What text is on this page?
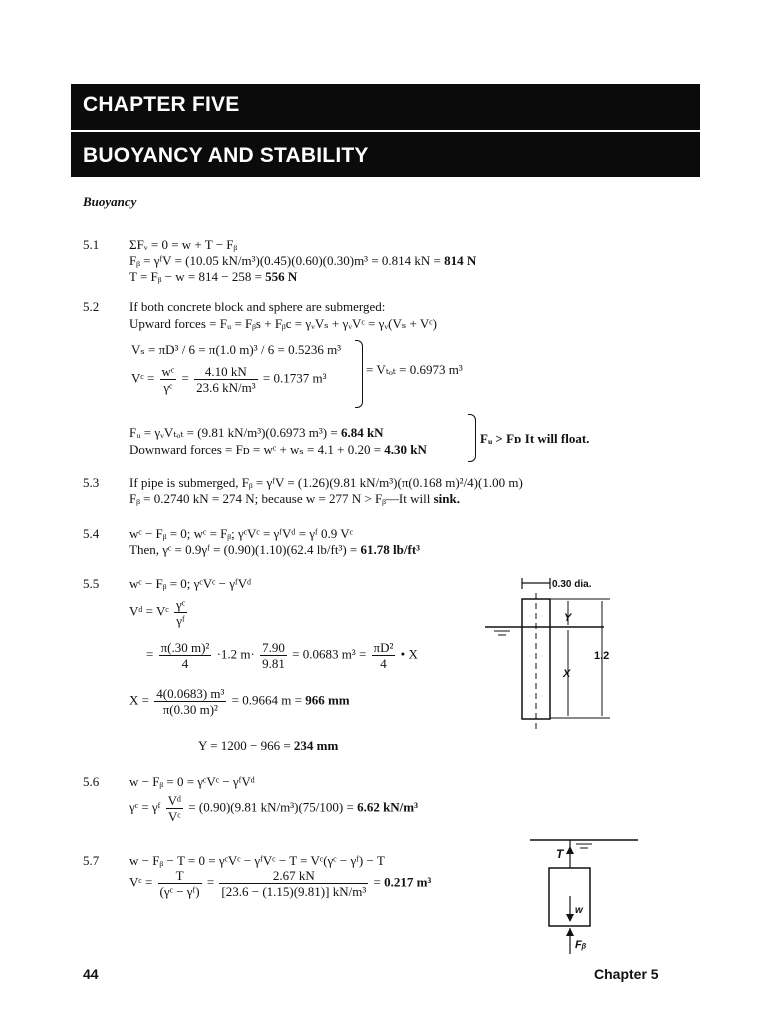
CHAPTER FIVE
BUOYANCY AND STABILITY
Buoyancy
5.1 ΣFᵥ = 0 = w + T − Fᵦ
Fᵦ = γᶠV = (10.05 kN/m³)(0.45)(0.60)(0.30)m³ = 0.814 kN = 814 N
T = Fᵦ − w = 814 − 258 = 556 N
5.2 If both concrete block and sphere are submerged:
Upward forces = Fᵤ = Fᵦs + Fᵦc = γᵥVₛ + γᵥVᶜ = γᵥ(Vₛ + Vᶜ)
Vₛ = πD³ / 6 = π(1.0 m)³ / 6 = 0.5236 m³
Vᶜ = $\frac{\text{wᶜ}}{\text{γᶜ}} = \frac{4.10 kN}{\text{23.6 kN/m³}} = 0.1737$ m³
= Vₜₒₜ = 0.6973 m³
Fᵤ = γᵥVₜₒₜ = (9.81 kN/m³)(0.6973 m³) = 6.84 kN
Downward forces = Fᴅ = wᶜ + wₛ = 4.1 + 0.20 = 4.30 kN
Fᵤ > Fᴅ It will float.
5.3 If pipe is submerged, Fᵦ = γᶠV = (1.26)(9.81 kN/m³)(π(0.168 m)²/4)(1.00 m)
Fᵦ = 0.2740 kN = 274 N; because w = 277 N > Fᵦ—It will sink.
5.4 wᶜ − Fᵦ = 0; wᶜ = Fᵦ; γᶜVᶜ = γᶠVᵈ = γᶠ 0.9 Vᶜ
Then, γᶜ = 0.9γᶠ = (0.90)(1.10)(62.4 lb/ft³) = 61.78 lb/ft³
5.5 wᶜ − Fᵦ = 0; γᶜVᶜ − γᶠVᵈ
Vᵈ = Vᶜ $\frac{\text{γᶜ}}{\text{γᶠ}}$
= $\frac{\text{π(.30 m)²}}{4} \cdot 1.2$ $m\cdot \frac{7.90}{9.81} = 0.0683$ $m^3 = \frac{\text{πD²}}{4}$ • X
$X = \frac{\text{4(0.0683) m³}}{\text{π(0.30 m)²}} = 0.9664$ m = 966 mm
Y = 1200 − 966 = 234 mm
0.30 dia.
Y
X
1.2
5.6 w − Fᵦ = 0 = γᶜVᶜ − γᶠVᵈ
γᶜ = γᶠ $\frac{\text{Vᵈ}}{\text{Vᶜ}} = (0.90)(9.81$ kN/m³)(75/100) = 6.62 kN/m³
5.7 w − Fᵦ − T = 0 = γᶜVᶜ − γᶠVᶜ − T = Vᶜ(γᶜ − γᶠ) − T
Vᶜ = $\frac{T}{\text{(γᶜ − γᶠ)}} = \frac{2.67 kN}{\text{[23.6 − (1.15)(9.81)] kN/m³}} = 0.217$ m³
T
w
Fᵦ
44	Chapter 5
